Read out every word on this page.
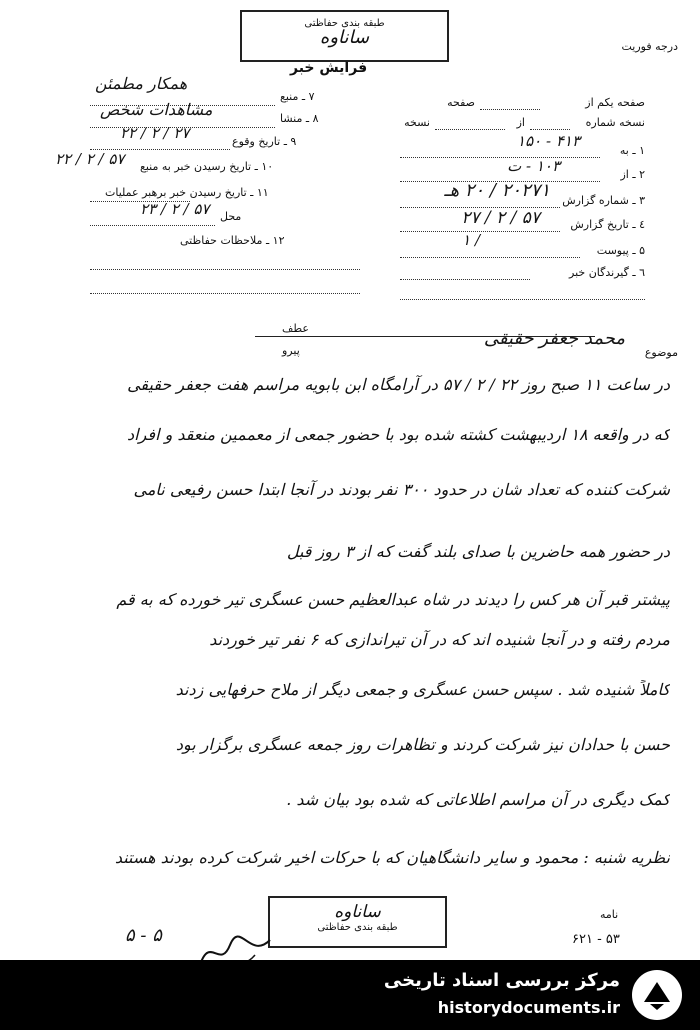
طبقه بندی حفاظتی
ساناوه
فرایش خبر
درجه فوریت
صفحه یکم از
صفحه
نسخه شماره
از
نسخه
۱ ـ به
۴۱۳ - ۱۵۰
۲ ـ از
۱۰۳ - ت
۳ ـ شماره گزارش
۲۰۲۷۱ / ۲۰ هـ
٤ ـ تاریخ گزارش
۵۷ / ۲ / ۲۷
۵ ـ پیوست
/ ۱
٦ ـ گیرندگان خبر
۷ ـ منبع
همکار مطمئن
۸ ـ منشا
مشاهدات شخص
۹ ـ تاریخ وقوع
۲۷ / ۲ / ۲۲
۱۰ ـ تاریخ رسیدن خبر به منبع
۵۷ / ۲ / ۲۲
۱۱ ـ تاریخ رسیدن خبر برهبر عملیات
محل
۵۷ / ۲ / ۲۳
۱۲ ـ ملاحظات حفاظتی
عطف
پیرو	موضوع
محمد جعفر حقیقی
در ساعت ۱۱ صبح روز ۲۲ / ۲ / ۵۷ در آرامگاه ابن بابویه مراسم هفت جعفر حقیقی
که در واقعه ۱۸ اردیبهشت کشته شده بود با حضور جمعی از معممین منعقد و افراد
شرکت کننده که تعداد شان در حدود ۳۰۰ نفر بودند در آنجا ابتدا حسن رفیعی نامی
در حضور همه حاضرین با صدای بلند گفت که از ۳ روز قبل
پیشتر قبر آن هر کس را دیدند در شاه عبدالعظیم حسن عسگری تیر خورده که به قم
مردم رفته و در آنجا شنیده اند که در آن تیراندازی که ۶ نفر تیر خوردند
کاملاً شنیده شد . سپس حسن عسگری و جمعی دیگر از ملاح حرفهایی زدند
حسن با حدادان نیز شرکت کردند و تظاهرات روز جمعه عسگری برگزار بود
کمک دیگری در آن مراسم اطلاعاتی که شده بود بیان شد .
نظریه شنبه : محمود و سایر دانشگاهیان که با حرکات اخیر شرکت کرده بودند هستند
ساناوه
طبقه بندی حفاظتی
نامه
۵۳ - ۶۲۱
۵ - ۵
مرکز بررسی اسناد تاریخی
historydocuments.ir
